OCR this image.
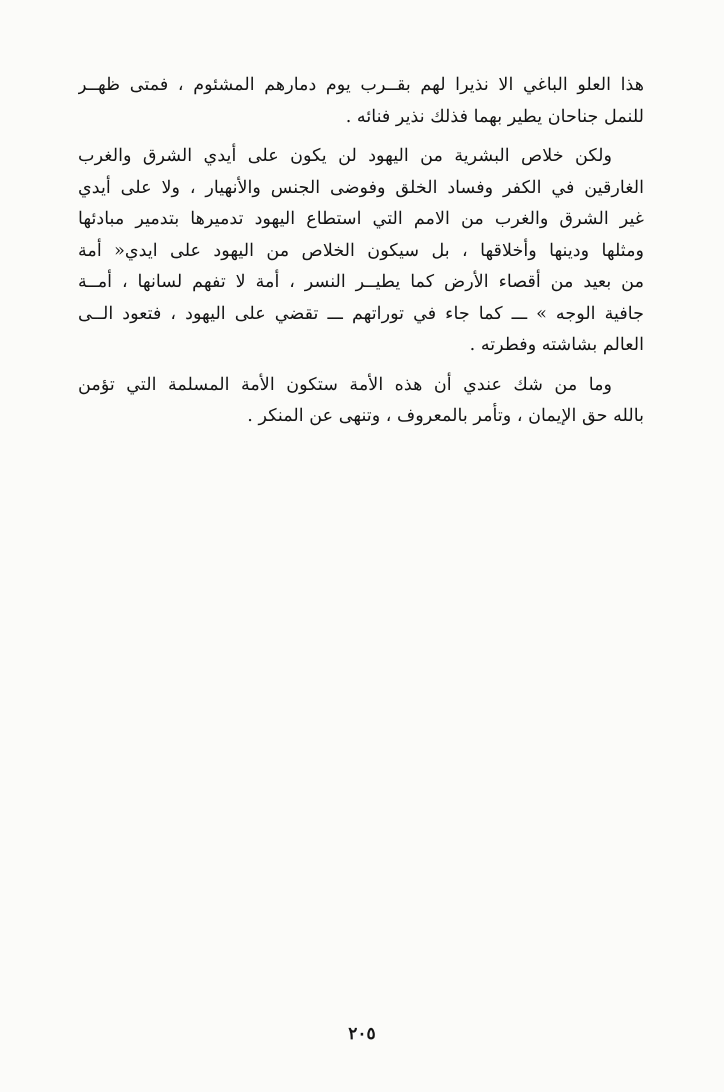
هذا العلو الباغي الا نذيرا لهم بقــرب يوم دمارهم المشئوم ، فمتى ظهــر
للنمل جناحان يطير بهما فذلك نذير فنائه .

ولكن خلاص البشرية من اليهود لن يكون على أيدي الشرق والغرب
الغارقين في الكفر وفساد الخلق وفوضى الجنس والأنهيار ، ولا على أيدي
غير الشرق والغرب من الامم التي استطاع اليهود تدميرها بتدمير مبادئها
ومثلها ودينها وأخلاقها ، بل سيكون الخلاص من اليهود على ايدي« أمة
من بعيد من أقصاء الأرض كما يطيــر النسر ، أمة لا تفهم لسانها ، أمــة
جافية الوجه » ـــ كما جاء في توراتهم ـــ تقضي على اليهود ، فتعود الــى
العالم بشاشته وفطرته .

وما من شك عندي أن هذه الأمة ستكون الأمة المسلمة التي تؤمن
بالله حق الإيمان ، وتأمر بالمعروف ، وتنهى عن المنكر .

٢٠٥
